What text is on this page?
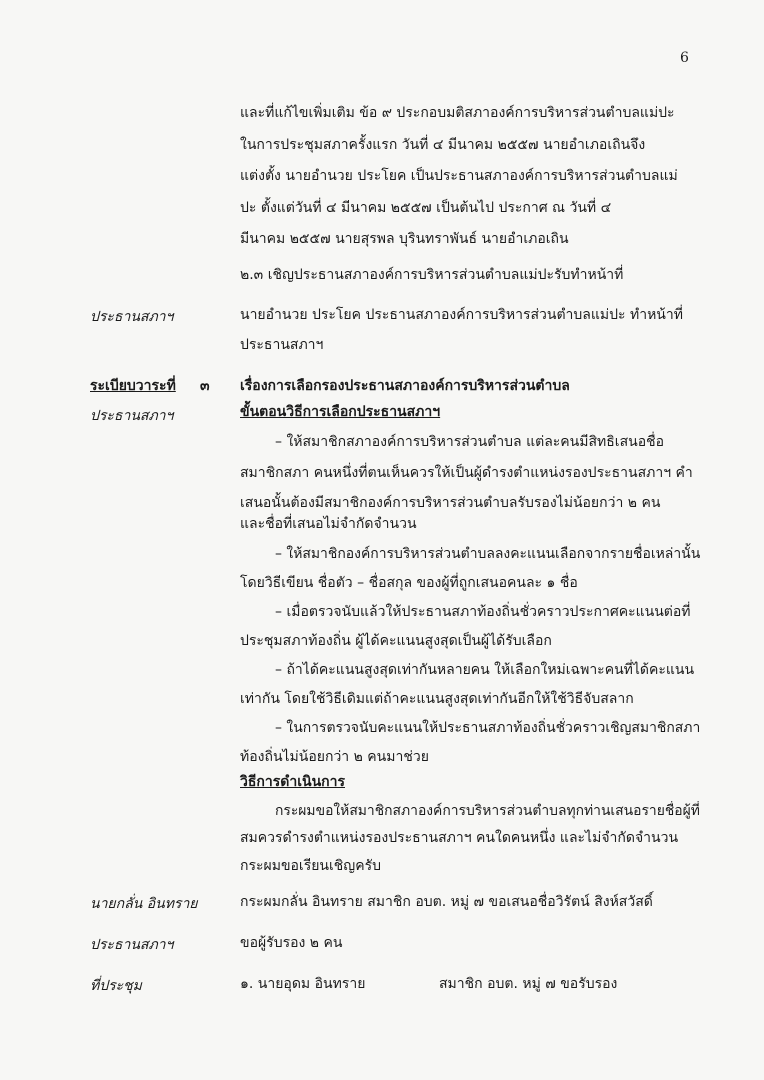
6
และที่แก้ไขเพิ่มเติม ข้อ ๙ ประกอบมติสภาองค์การบริหารส่วนตำบลแม่ปะ
ในการประชุมสภาครั้งแรก วันที่ ๔ มีนาคม ๒๕๕๗ นายอำเภอเถินจึง
แต่งตั้ง นายอำนวย ประโยค เป็นประธานสภาองค์การบริหารส่วนตำบลแม่
ปะ ตั้งแต่วันที่ ๔ มีนาคม ๒๕๕๗ เป็นต้นไป ประกาศ ณ วันที่ ๔
มีนาคม ๒๕๕๗ นายสุรพล บุรินทราพันธ์ นายอำเภอเถิน
๒.๓ เชิญประธานสภาองค์การบริหารส่วนตำบลแม่ปะรับทำหน้าที่
ประธานสภาฯ	นายอำนวย ประโยค ประธานสภาองค์การบริหารส่วนตำบลแม่ปะ ทำหน้าที่
ประธานสภาฯ
ระเบียบวาระที่ ๓ เรื่องการเลือกรองประธานสภาองค์การบริหารส่วนตำบล
ประธานสภาฯ	ขั้นตอนวิธีการเลือกประธานสภาฯ
– ให้สมาชิกสภาองค์การบริหารส่วนตำบล แต่ละคนมีสิทธิเสนอชื่อ
สมาชิกสภา คนหนึ่งที่ตนเห็นควรให้เป็นผู้ดำรงตำแหน่งรองประธานสภาฯ คำ
เสนอนั้นต้องมีสมาชิกองค์การบริหารส่วนตำบลรับรองไม่น้อยกว่า ๒ คน
และชื่อที่เสนอไม่จำกัดจำนวน
– ให้สมาชิกองค์การบริหารส่วนตำบลลงคะแนนเลือกจากรายชื่อเหล่านั้น
โดยวิธีเขียน ชื่อตัว – ชื่อสกุล ของผู้ที่ถูกเสนอคนละ ๑ ชื่อ
– เมื่อตรวจนับแล้วให้ประธานสภาท้องถิ่นชั่วคราวประกาศคะแนนต่อที่
ประชุมสภาท้องถิ่น ผู้ได้คะแนนสูงสุดเป็นผู้ได้รับเลือก
– ถ้าได้คะแนนสูงสุดเท่ากันหลายคน ให้เลือกใหม่เฉพาะคนที่ได้คะแนน
เท่ากัน โดยใช้วิธีเดิมแต่ถ้าคะแนนสูงสุดเท่ากันอีกให้ใช้วิธีจับสลาก
– ในการตรวจนับคะแนนให้ประธานสภาท้องถิ่นชั่วคราวเชิญสมาชิกสภา
ท้องถิ่นไม่น้อยกว่า ๒ คนมาช่วย
วิธีการดำเนินการ
กระผมขอให้สมาชิกสภาองค์การบริหารส่วนตำบลทุกท่านเสนอรายชื่อผู้ที่
สมควรดำรงตำแหน่งรองประธานสภาฯ คนใดคนหนึ่ง และไม่จำกัดจำนวน
กระผมขอเรียนเชิญครับ
นายกลั่น อินทราย	กระผมกลั่น อินทราย สมาชิก อบต. หมู่ ๗ ขอเสนอชื่อวิรัตน์ สิงห์สวัสดิ์
ประธานสภาฯ	ขอผู้รับรอง ๒ คน
ที่ประชุม	๑. นายอุดม อินทราย	สมาชิก อบต. หมู่ ๗ ขอรับรอง
